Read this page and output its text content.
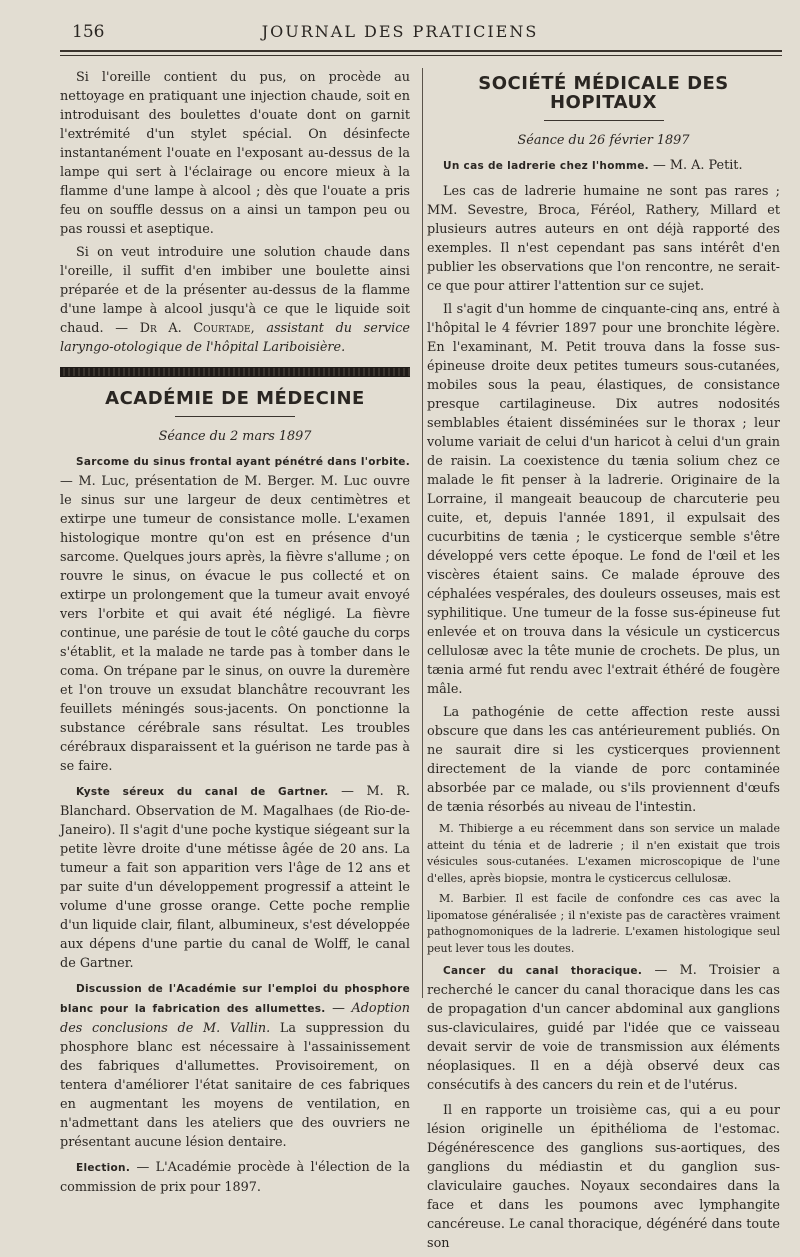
156	JOURNAL DES PRATICIENS

Si l'oreille contient du pus, on procède au nettoyage en pratiquant une injection chaude, soit en introduisant des boulettes d'ouate dont on garnit l'extrémité d'un stylet spécial. On désinfecte instantanément l'ouate en l'exposant au-dessus de la lampe qui sert à l'éclairage ou encore mieux à la flamme d'une lampe à alcool ; dès que l'ouate a pris feu on souffle dessus on a ainsi un tampon peu ou pas roussi et aseptique.

Si on veut introduire une solution chaude dans l'oreille, il suffit d'en imbiber une boulette ainsi préparée et de la présenter au-dessus de la flamme d'une lampe à alcool jusqu'à ce que le liquide soit chaud. — Dr A. Courtade, assistant du service laryngo-otologique de l'hôpital Lariboisière.

ACADÉMIE DE MÉDECINE
Séance du 2 mars 1897

Sarcome du sinus frontal ayant pénétré dans l'orbite. — M. Luc, présentation de M. Berger. M. Luc ouvre le sinus sur une largeur de deux centimètres et extirpe une tumeur de consistance molle. L'examen histologique montre qu'on est en présence d'un sarcome. Quelques jours après, la fièvre s'allume ; on rouvre le sinus, on évacue le pus collecté et on extirpe un prolongement que la tumeur avait envoyé vers l'orbite et qui avait été négligé. La fièvre continue, une parésie de tout le côté gauche du corps s'établit, et la malade ne tarde pas à tomber dans le coma. On trépane par le sinus, on ouvre la duremère et l'on trouve un exsudat blanchâtre recouvrant les feuillets méningés sous-jacents. On ponctionne la substance cérébrale sans résultat. Les troubles cérébraux disparaissent et la guérison ne tarde pas à se faire.

Kyste séreux du canal de Gartner. — M. R. Blanchard. Observation de M. Magalhaes (de Rio-de-Janeiro). Il s'agit d'une poche kystique siégeant sur la petite lèvre droite d'une métisse âgée de 20 ans. La tumeur a fait son apparition vers l'âge de 12 ans et par suite d'un développement progressif a atteint le volume d'une grosse orange. Cette poche remplie d'un liquide clair, filant, albumineux, s'est développée aux dépens d'une partie du canal de Wolff, le canal de Gartner.

Discussion de l'Académie sur l'emploi du phosphore blanc pour la fabrication des allumettes. — Adoption des conclusions de M. Vallin. La suppression du phosphore blanc est nécessaire à l'assainissement des fabriques d'allumettes. Provisoirement, on tentera d'améliorer l'état sanitaire de ces fabriques en augmentant les moyens de ventilation, en n'admettant dans les ateliers que des ouvriers ne présentant aucune lésion dentaire.

Election. — L'Académie procède à l'élection de la commission de prix pour 1897.

SOCIÉTÉ MÉDICALE DES HOPITAUX
Séance du 26 février 1897

Un cas de ladrerie chez l'homme. — M. A. Petit.

Les cas de ladrerie humaine ne sont pas rares ; MM. Sevestre, Broca, Féréol, Rathery, Millard et plusieurs autres auteurs en ont déjà rapporté des exemples. Il n'est cependant pas sans intérêt d'en publier les observations que l'on rencontre, ne serait-ce que pour attirer l'attention sur ce sujet.

Il s'agit d'un homme de cinquante-cinq ans, entré à l'hôpital le 4 février 1897 pour une bronchite légère. En l'examinant, M. Petit trouva dans la fosse sus-épineuse droite deux petites tumeurs sous-cutanées, mobiles sous la peau, élastiques, de consistance presque cartilagineuse. Dix autres nodosités semblables étaient disséminées sur le thorax ; leur volume variait de celui d'un haricot à celui d'un grain de raisin. La coexistence du tænia solium chez ce malade le fit penser à la ladrerie. Originaire de la Lorraine, il mangeait beaucoup de charcuterie peu cuite, et, depuis l'année 1891, il expulsait des cucurbitins de tænia ; le cysticerque semble s'être développé vers cette époque. Le fond de l'œil et les viscères étaient sains. Ce malade éprouve des céphalées vespérales, des douleurs osseuses, mais est syphilitique. Une tumeur de la fosse sus-épineuse fut enlevée et on trouva dans la vésicule un cysticercus cellulosæ avec la tête munie de crochets. De plus, un tænia armé fut rendu avec l'extrait éthéré de fougère mâle.

La pathogénie de cette affection reste aussi obscure que dans les cas antérieurement publiés. On ne saurait dire si les cysticerques proviennent directement de la viande de porc contaminée absorbée par ce malade, ou s'ils proviennent d'œufs de tænia résorbés au niveau de l'intestin.

M. Thibierge a eu récemment dans son service un malade atteint du ténia et de ladrerie ; il n'en existait que trois vésicules sous-cutanées. L'examen microscopique de l'une d'elles, après biopsie, montra le cysticercus cellulosæ.

M. Barbier. Il est facile de confondre ces cas avec la lipomatose généralisée ; il n'existe pas de caractères vraiment pathognomoniques de la ladrerie. L'examen histologique seul peut lever tous les doutes.

Cancer du canal thoracique. — M. Troisier a recherché le cancer du canal thoracique dans les cas de propagation d'un cancer abdominal aux ganglions sus-claviculaires, guidé par l'idée que ce vaisseau devait servir de voie de transmission aux éléments néoplasiques. Il en a déjà observé deux cas consécutifs à des cancers du rein et de l'utérus.

Il en rapporte un troisième cas, qui a eu pour lésion originelle un épithélioma de l'estomac. Dégénérescence des ganglions sus-aortiques, des ganglions du médiastin et du ganglion sus-claviculaire gauches. Noyaux secondaires dans la face et dans les poumons avec lymphangite cancéreuse. Le canal thoracique, dégénéré dans toute son
